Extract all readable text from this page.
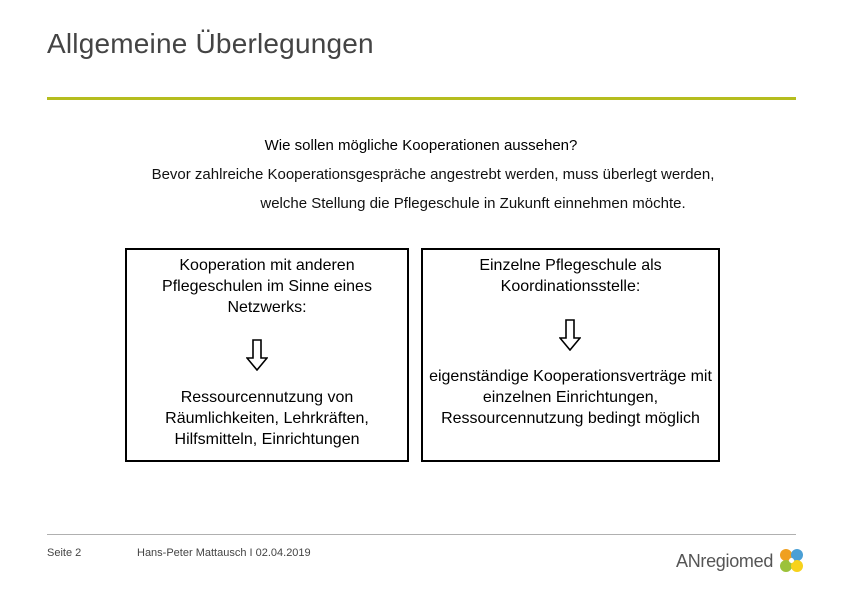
Allgemeine Überlegungen
Wie sollen mögliche Kooperationen aussehen?
Bevor zahlreiche Kooperationsgespräche angestrebt werden, muss überlegt werden,
welche Stellung die Pflegeschule in Zukunft einnehmen möchte.
Kooperation mit anderen Pflegeschulen im Sinne eines Netzwerks:
Ressourcennutzung von Räumlichkeiten, Lehrkräften, Hilfsmitteln, Einrichtungen
Einzelne Pflegeschule als Koordinationsstelle:
eigenständige Kooperationsverträge mit einzelnen Einrichtungen, Ressourcennutzung bedingt möglich
Seite 2	Hans-Peter Mattausch I 02.04.2019	ANregiomed
